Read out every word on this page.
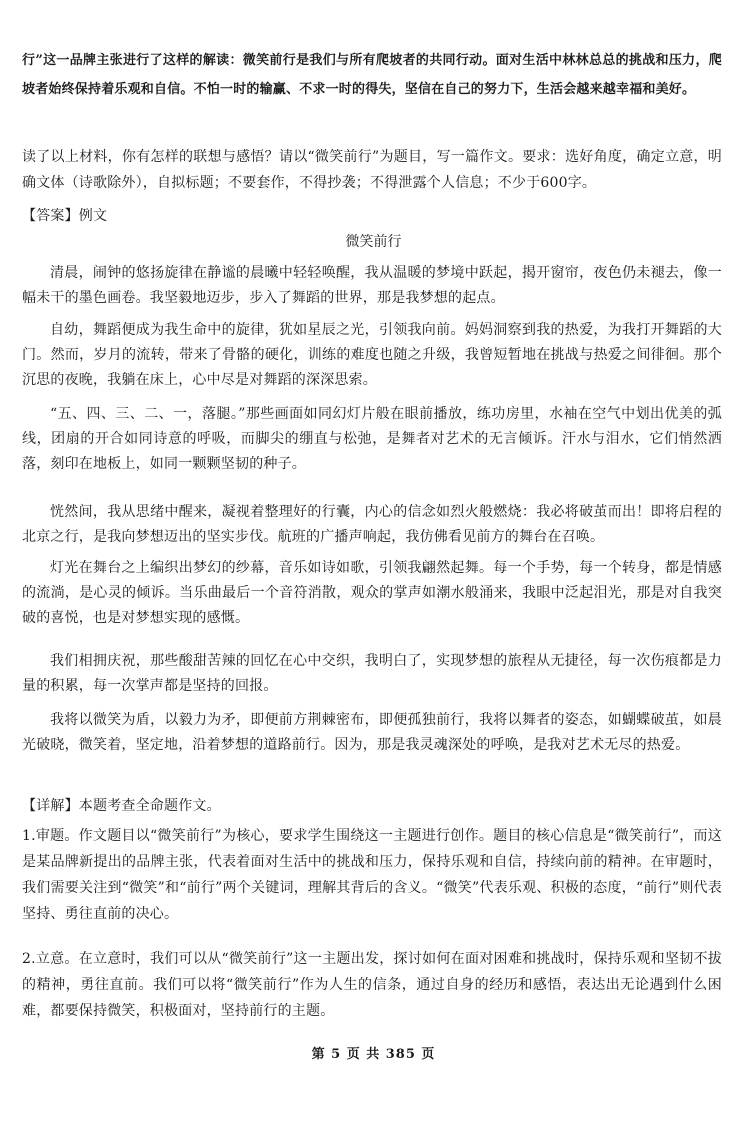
行”这一品牌主张进行了这样的解读：微笑前行是我们与所有爬坡者的共同行动。面对生活中林林总总的挑战和压力，爬坡者始终保持着乐观和自信。不怕一时的输赢、不求一时的得失，坚信在自己的努力下，生活会越来越幸福和美好。

读了以上材料，你有怎样的联想与感悟？请以“微笑前行”为题目，写一篇作文。要求：选好角度，确定立意，明确文体（诗歌除外），自拟标题；不要套作，不得抄袭；不得泄露个人信息；不少于600字。

【答案】例文

微笑前行

清晨，闹钟的悠扬旋律在静谧的晨曦中轻轻唤醒，我从温暖的梦境中跃起，揭开窗帘，夜色仍未褪去，像一幅未干的墨色画卷。我坚毅地迈步，步入了舞蹈的世界，那是我梦想的起点。

自幼，舞蹈便成为我生命中的旋律，犹如星辰之光，引领我向前。妈妈洞察到我的热爱，为我打开舞蹈的大门。然而，岁月的流转，带来了骨骼的硬化，训练的难度也随之升级，我曾短暂地在挑战与热爱之间徘徊。那个沉思的夜晚，我躺在床上，心中尽是对舞蹈的深深思索。

“五、四、三、二、一，落腿。”那些画面如同幻灯片般在眼前播放，练功房里，水袖在空气中划出优美的弧线，团扇的开合如同诗意的呼吸，而脚尖的绷直与松弛，是舞者对艺术的无言倾诉。汗水与泪水，它们悄然洒落，刻印在地板上，如同一颗颗坚韧的种子。

恍然间，我从思绪中醒来，凝视着整理好的行囊，内心的信念如烈火般燃烧：我必将破茧而出！即将启程的北京之行，是我向梦想迈出的坚实步伐。航班的广播声响起，我仿佛看见前方的舞台在召唤。

灯光在舞台之上编织出梦幻的纱幕，音乐如诗如歌，引领我翩然起舞。每一个手势，每一个转身，都是情感的流淌，是心灵的倾诉。当乐曲最后一个音符消散，观众的掌声如潮水般涌来，我眼中泛起泪光，那是对自我突破的喜悦，也是对梦想实现的感慨。

我们相拥庆祝，那些酸甜苦辣的回忆在心中交织，我明白了，实现梦想的旅程从无捷径，每一次伤痕都是力量的积累，每一次掌声都是坚持的回报。

我将以微笑为盾，以毅力为矛，即便前方荆棘密布，即便孤独前行，我将以舞者的姿态，如蝴蝶破茧，如晨光破晓，微笑着，坚定地，沿着梦想的道路前行。因为，那是我灵魂深处的呼唤，是我对艺术无尽的热爱。

【详解】本题考查全命题作文。

1.审题。作文题目以“微笑前行”为核心，要求学生围绕这一主题进行创作。题目的核心信息是“微笑前行”，而这是某品牌新提出的品牌主张，代表着面对生活中的挑战和压力，保持乐观和自信，持续向前的精神。在审题时，我们需要关注到“微笑”和“前行”两个关键词，理解其背后的含义。“微笑”代表乐观、积极的态度，“前行”则代表坚持、勇往直前的决心。

2.立意。在立意时，我们可以从“微笑前行”这一主题出发，探讨如何在面对困难和挑战时，保持乐观和坚韧不拔的精神，勇往直前。我们可以将“微笑前行”作为人生的信条，通过自身的经历和感悟，表达出无论遇到什么困难，都要保持微笑，积极面对，坚持前行的主题。

第 5 页 共 385 页
